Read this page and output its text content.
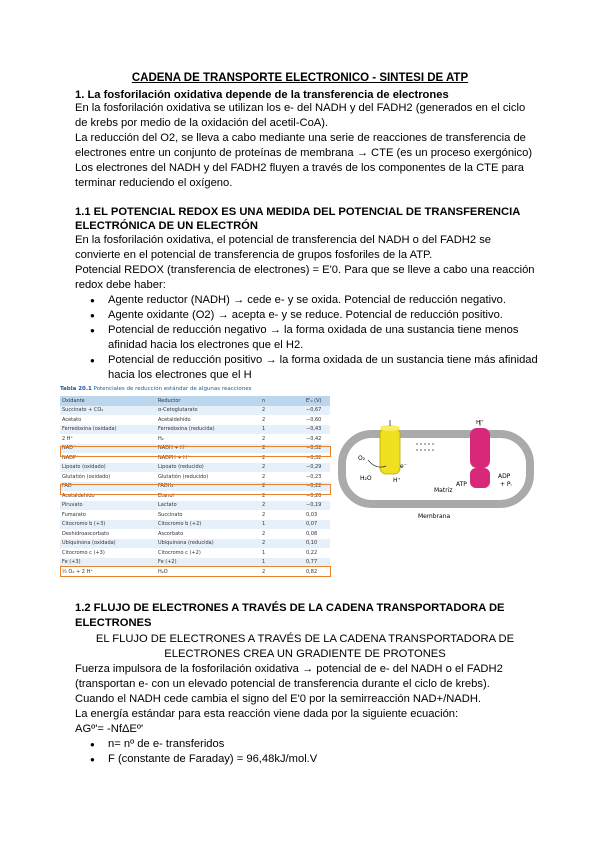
CADENA DE TRANSPORTE ELECTRONICO - SINTESI DE ATP
1. La fosforilación oxidativa depende de la transferencia de electrones
En la fosforilación oxidativa se utilizan los e- del NADH y del FADH2 (generados en el ciclo de krebs por medio de la oxidación del acetil-CoA).
La reducción del O2, se lleva a cabo mediante una serie de reacciones de transferencia de electrones entre un conjunto de proteínas de membrana → CTE (es un proceso exergónico)
Los electrones del NADH y del FADH2 fluyen a través de los componentes de la CTE para terminar reduciendo el oxígeno.
1.1 EL POTENCIAL REDOX ES UNA MEDIDA DEL POTENCIAL DE TRANSFERENCIA ELECTRÓNICA DE UN ELECTRÓN
En la fosforilación oxidativa, el potencial de transferencia del NADH o del FADH2 se convierte en el potencial de transferencia de grupos fosforiles de la ATP.
Potencial REDOX (transferencia de electrones) = E'0. Para que se lleve a cabo una reacción redox debe haber:
● Agente reductor (NADH) → cede e- y se oxida. Potencial de reducción negativo.
● Agente oxidante (O2) → acepta e- y se reduce. Potencial de reducción positivo.
● Potencial de reducción negativo → la forma oxidada de una sustancia tiene menos afinidad hacia los electrones que el H2.
● Potencial de reducción positivo → la forma oxidada de un sustancia tiene más afinidad hacia los electrones que el H
Tabla 20.1 Potenciales de reducción estándar de algunas reacciones
Oxidante	Reductor	n	E'₀ (V)
Succinato + CO₂	α-Cetoglutarato	2	−0,67
Acetato	Acetaldehído	2	−0,60
Ferredoxina (oxidada)	Ferredoxina (reducida)	1	−0,43
2 H⁺	H₂	2	−0,42
NAD⁺	NADH + H⁺	2	−0,32
NADP⁺	NADPH + H⁺	2	−0,32
Lipoato (oxidado)	Lipoato (reducido)	2	−0,29
Glutatión (oxidado)	Glutatión (reducido)	2	−0,23
FAD	FADH₂	2	−0,22
Acetaldehído	Etanol	2	−0,20
Piruvato	Lactato	2	−0,19
Fumarato	Succinato	2	0,03
Citocromo b (+3)	Citocromo b (+2)	1	0,07
Deshidroascorbato	Ascorbato	2	0,08
Ubiquinona (oxidada)	Ubiquinona (reducida)	2	0,10
Citocromo c (+3)	Citocromo c (+2)	1	0,22
Fe (+3)	Fe (+2)	1	0,77
½ O₂ + 2 H⁺	H₂O	2	0,82
H⁺
O₂
e⁻
H₂O	H⁺
Matriz
ATP
ADP
+ Pᵢ
Membrana
1.2 FLUJO DE ELECTRONES A TRAVÉS DE LA CADENA TRANSPORTADORA DE ELECTRONES
EL FLUJO DE ELECTRONES A TRAVÉS DE LA CADENA TRANSPORTADORA DE
ELECTRONES CREA UN GRADIENTE DE PROTONES
Fuerza impulsora de la fosforilación oxidativa → potencial de e- del NADH o el FADH2 (transportan e- con un elevado potencial de transferencia durante el ciclo de krebs).
Cuando el NADH cede cambia el signo del E'0 por la semirreacción NAD+/NADH.
La energía estándar para esta reacción viene dada por la siguiente ecuación:
AGº'= -NfΔEº'
● n= nº de e- transferidos
● F (constante de Faraday) = 96,48kJ/mol.V
